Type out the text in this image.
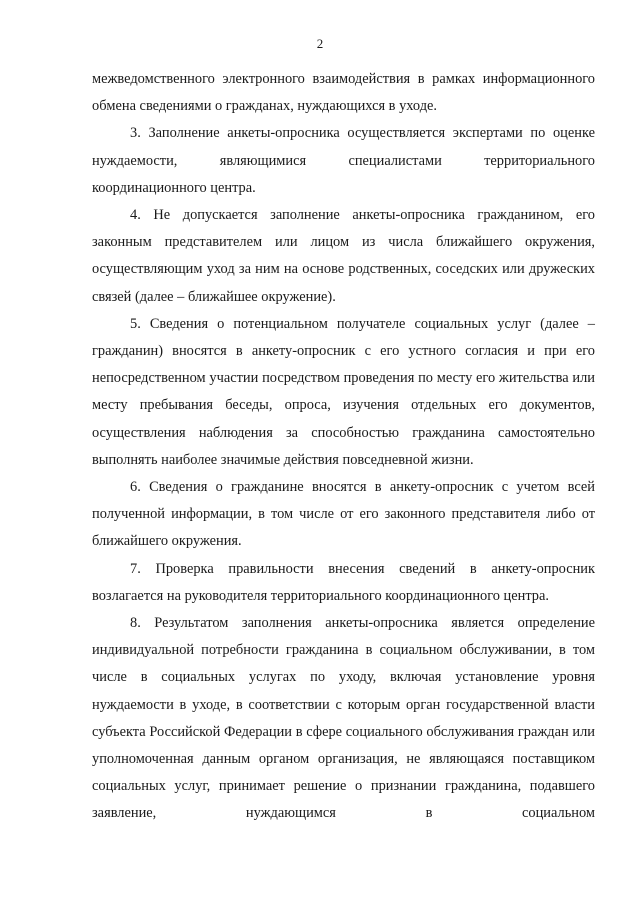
2

межведомственного электронного взаимодействия в рамках информационного обмена сведениями о гражданах, нуждающихся в уходе.

3. Заполнение анкеты-опросника осуществляется экспертами по оценке нуждаемости, являющимися специалистами территориального координационного центра.

4. Не допускается заполнение анкеты-опросника гражданином, его законным представителем или лицом из числа ближайшего окружения, осуществляющим уход за ним на основе родственных, соседских или дружеских связей (далее – ближайшее окружение).

5. Сведения о потенциальном получателе социальных услуг (далее – гражданин) вносятся в анкету-опросник с его устного согласия и при его непосредственном участии посредством проведения по месту его жительства или месту пребывания беседы, опроса, изучения отдельных его документов, осуществления наблюдения за способностью гражданина самостоятельно выполнять наиболее значимые действия повседневной жизни.

6. Сведения о гражданине вносятся в анкету-опросник с учетом всей полученной информации, в том числе от его законного представителя либо от ближайшего окружения.

7. Проверка правильности внесения сведений в анкету-опросник возлагается на руководителя территориального координационного центра.

8. Результатом заполнения анкеты-опросника является определение индивидуальной потребности гражданина в социальном обслуживании, в том числе в социальных услугах по уходу, включая установление уровня нуждаемости в уходе, в соответствии с которым орган государственной власти субъекта Российской Федерации в сфере социального обслуживания граждан или уполномоченная данным органом организация, не являющаяся поставщиком социальных услуг, принимает решение о признании гражданина, подавшего заявление, нуждающимся в социальном
